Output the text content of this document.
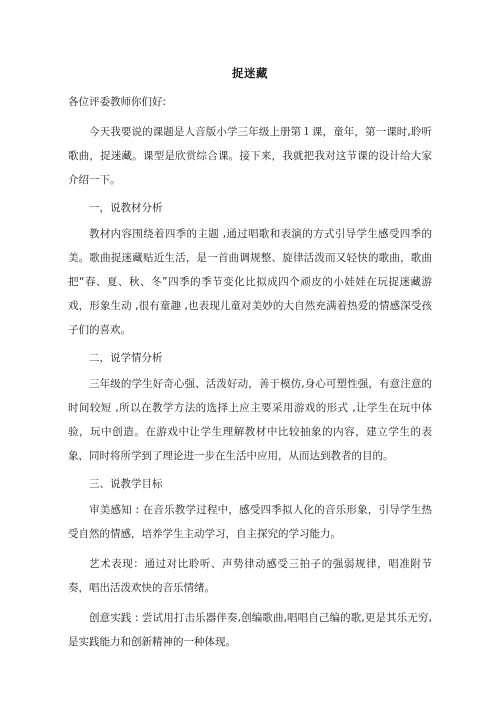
捉迷藏
各位评委教师你们好:

今天我要说的课题是人音版小学三年级上册第１课，童年，第一课时,聆听歌曲，捉迷藏。课型是欣赏综合课。接下来，我就把我对这节课的设计给大家介绍一下。

一，说教材分析

教材内容围绕着四季的主题 ,通过唱歌和表演的方式引导学生感受四季的美。歌曲捉迷藏贴近生活，是一首曲调规整、旋律活泼而又轻快的歌曲，歌曲把“春、夏、秋、冬”四季的季节变化比拟成四个顽皮的小娃娃在玩捉迷藏游戏，形象生动 ,很有童趣 ,也表现儿童对美妙的大自然充满着热爱的情感深受孩子们的喜欢。

二，说学情分析

三年级的学生好奇心强、活泼好动，善于模仿,身心可塑性强，有意注意的时间较短 ,所以在教学方法的选择上应主要采用游戏的形式 ,让学生在玩中体验，玩中创造。在游戏中让学生理解教材中比较抽象的内容，建立学生的表象，同时将所学到了理论进一步在生活中应用，从而达到教者的目的。

三、说教学目标

审美感知 : 在音乐教学过程中，感受四季拟人化的音乐形象，引导学生热受自然的情感，培养学生主动学习，自主探究的学习能力。

艺术表现：通过对比聆听、声势律动感受三拍子的强弱规律，唱准附节奏，唱出活泼欢快的音乐情绪。

创意实践 : 尝试用打击乐器伴奏,创编歌曲,唱唱自己编的歌,更是其乐无穷,是实践能力和创新精神的一种体现。
